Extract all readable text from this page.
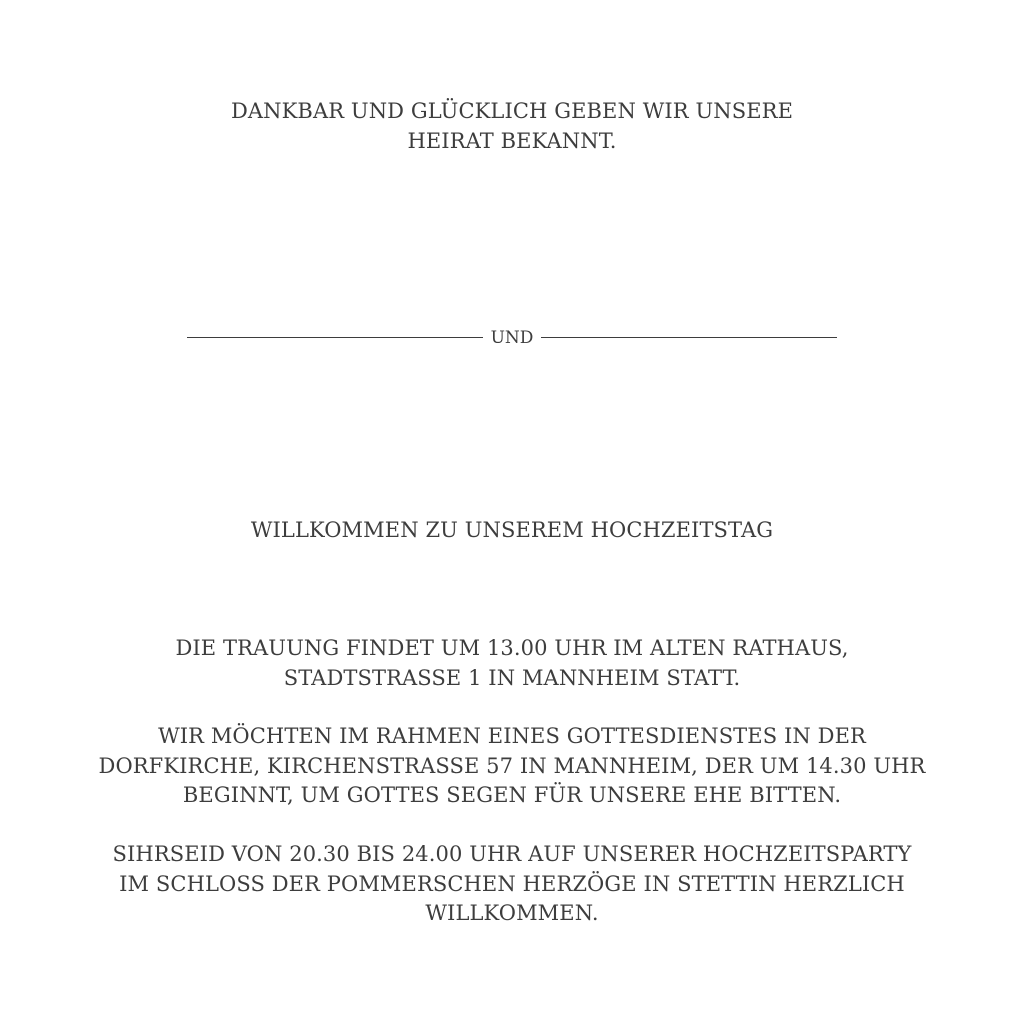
DANKBAR UND GLÜCKLICH GEBEN WIR UNSERE
HEIRAT BEKANNT.
UND
WILLKOMMEN ZU UNSEREM HOCHZEITSTAG
DIE TRAUUNG FINDET UM 13.00 UHR IM ALTEN RATHAUS,
STADTSTRASSE 1 IN MANNHEIM STATT.
WIR MÖCHTEN IM RAHMEN EINES GOTTESDIENSTES IN DER
DORFKIRCHE, KIRCHENSTRASSE 57 IN MANNHEIM, DER UM 14.30 UHR
BEGINNT, UM GOTTES SEGEN FÜR UNSERE EHE BITTEN.
SIHRSEID VON 20.30 BIS 24.00 UHR AUF UNSERER HOCHZEITSPARTY
IM SCHLOSS DER POMMERSCHEN HERZÖGE IN STETTIN HERZLICH
WILLKOMMEN.
